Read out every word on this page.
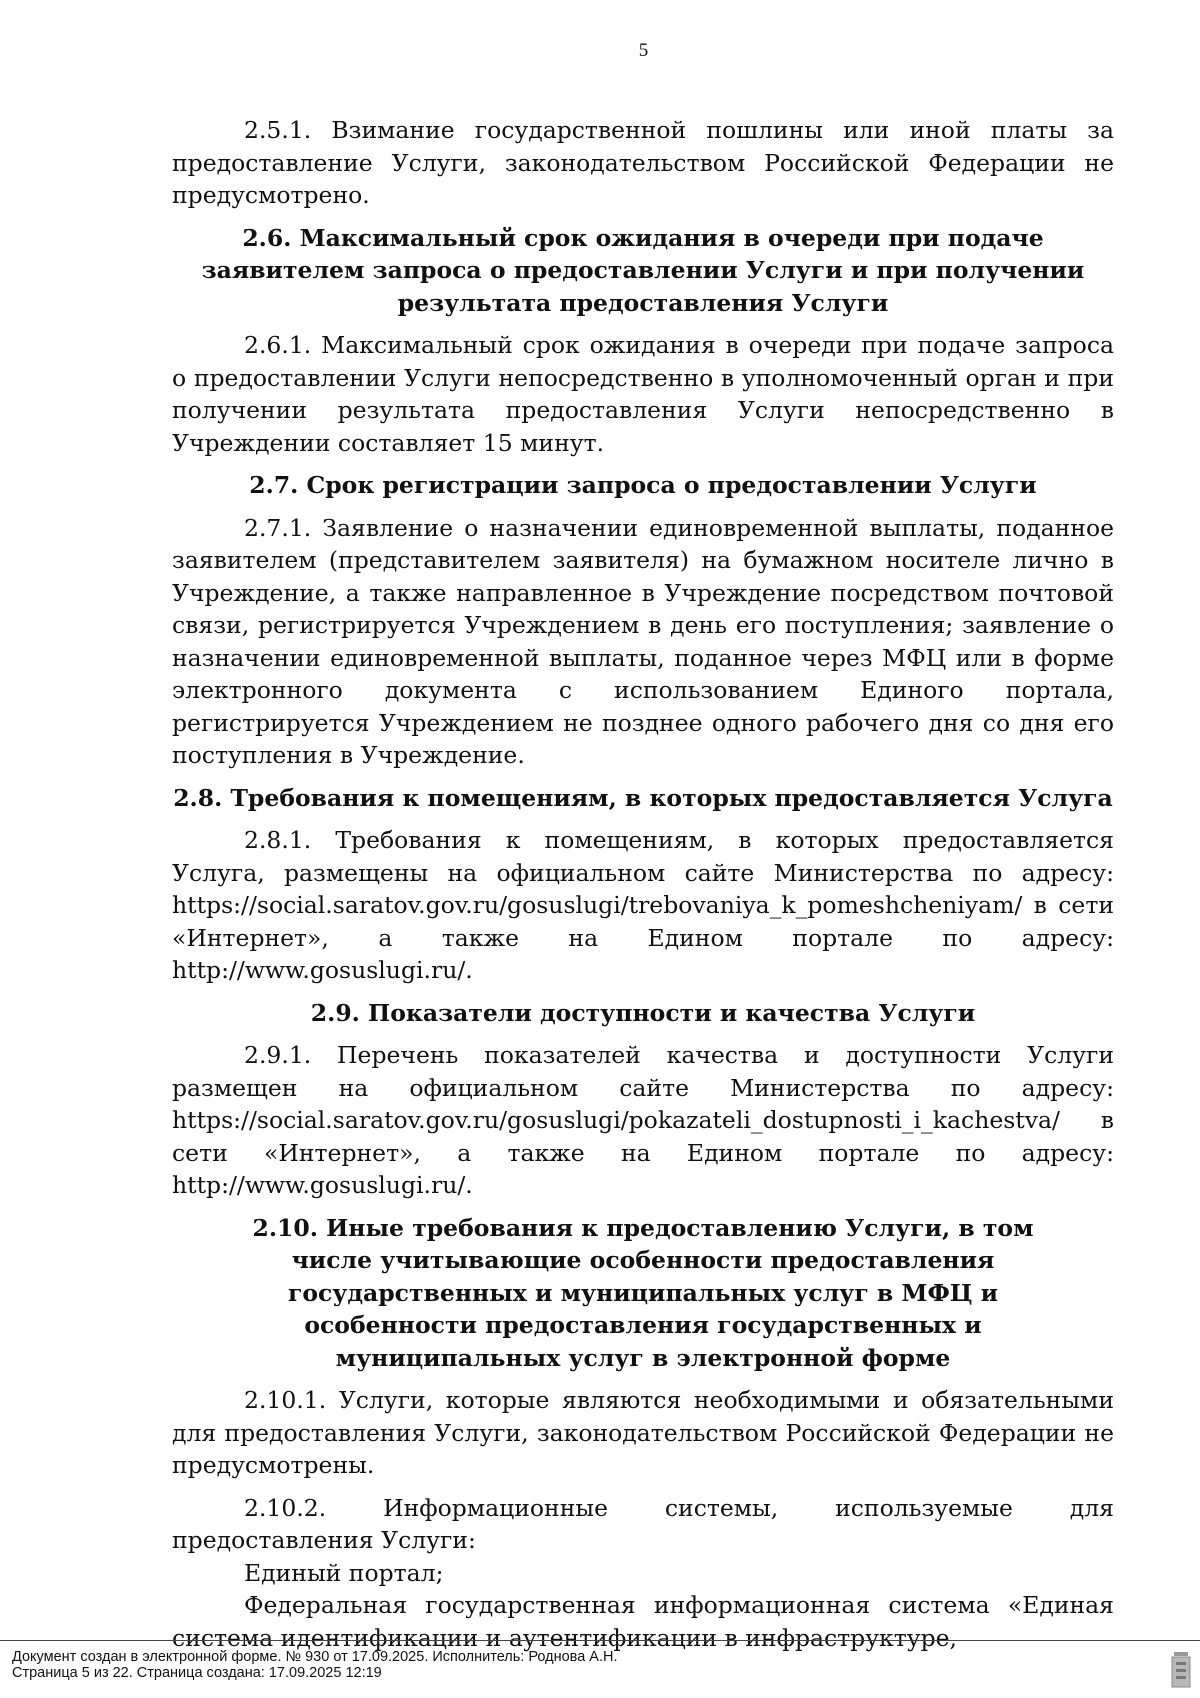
5

2.5.1. Взимание государственной пошлины или иной платы за предоставление Услуги, законодательством Российской Федерации не предусмотрено.

2.6. Максимальный срок ожидания в очереди при подаче заявителем запроса о предоставлении Услуги и при получении результата предоставления Услуги

2.6.1. Максимальный срок ожидания в очереди при подаче запроса о предоставлении Услуги непосредственно в уполномоченный орган и при получении результата предоставления Услуги непосредственно в Учреждении составляет 15 минут.

2.7. Срок регистрации запроса о предоставлении Услуги

2.7.1. Заявление о назначении единовременной выплаты, поданное заявителем (представителем заявителя) на бумажном носителе лично в Учреждение, а также направленное в Учреждение посредством почтовой связи, регистрируется Учреждением в день его поступления; заявление о назначении единовременной выплаты, поданное через МФЦ или в форме электронного документа с использованием Единого портала, регистрируется Учреждением не позднее одного рабочего дня со дня его поступления в Учреждение.

2.8. Требования к помещениям, в которых предоставляется Услуга

2.8.1. Требования к помещениям, в которых предоставляется Услуга, размещены на официальном сайте Министерства по адресу: https://social.saratov.gov.ru/gosuslugi/trebovaniya_k_pomeshcheniyam/ в сети «Интернет», а также на Едином портале по адресу: http://www.gosuslugi.ru/.

2.9. Показатели доступности и качества Услуги

2.9.1. Перечень показателей качества и доступности Услуги размещен на официальном сайте Министерства по адресу: https://social.saratov.gov.ru/gosuslugi/pokazateli_dostupnosti_i_kachestva/ в сети «Интернет», а также на Едином портале по адресу: http://www.gosuslugi.ru/.

2.10. Иные требования к предоставлению Услуги, в том числе учитывающие особенности предоставления государственных и муниципальных услуг в МФЦ и особенности предоставления государственных и муниципальных услуг в электронной форме

2.10.1. Услуги, которые являются необходимыми и обязательными для предоставления Услуги, законодательством Российской Федерации не предусмотрены.

2.10.2. Информационные системы, используемые для предоставления Услуги:

Единый портал;

Федеральная государственная информационная система «Единая система идентификации и аутентификации в инфраструктуре,

Документ создан в электронной форме. № 930 от 17.09.2025. Исполнитель: Роднова А.Н.
Страница 5 из 22. Страница создана: 17.09.2025 12:19
